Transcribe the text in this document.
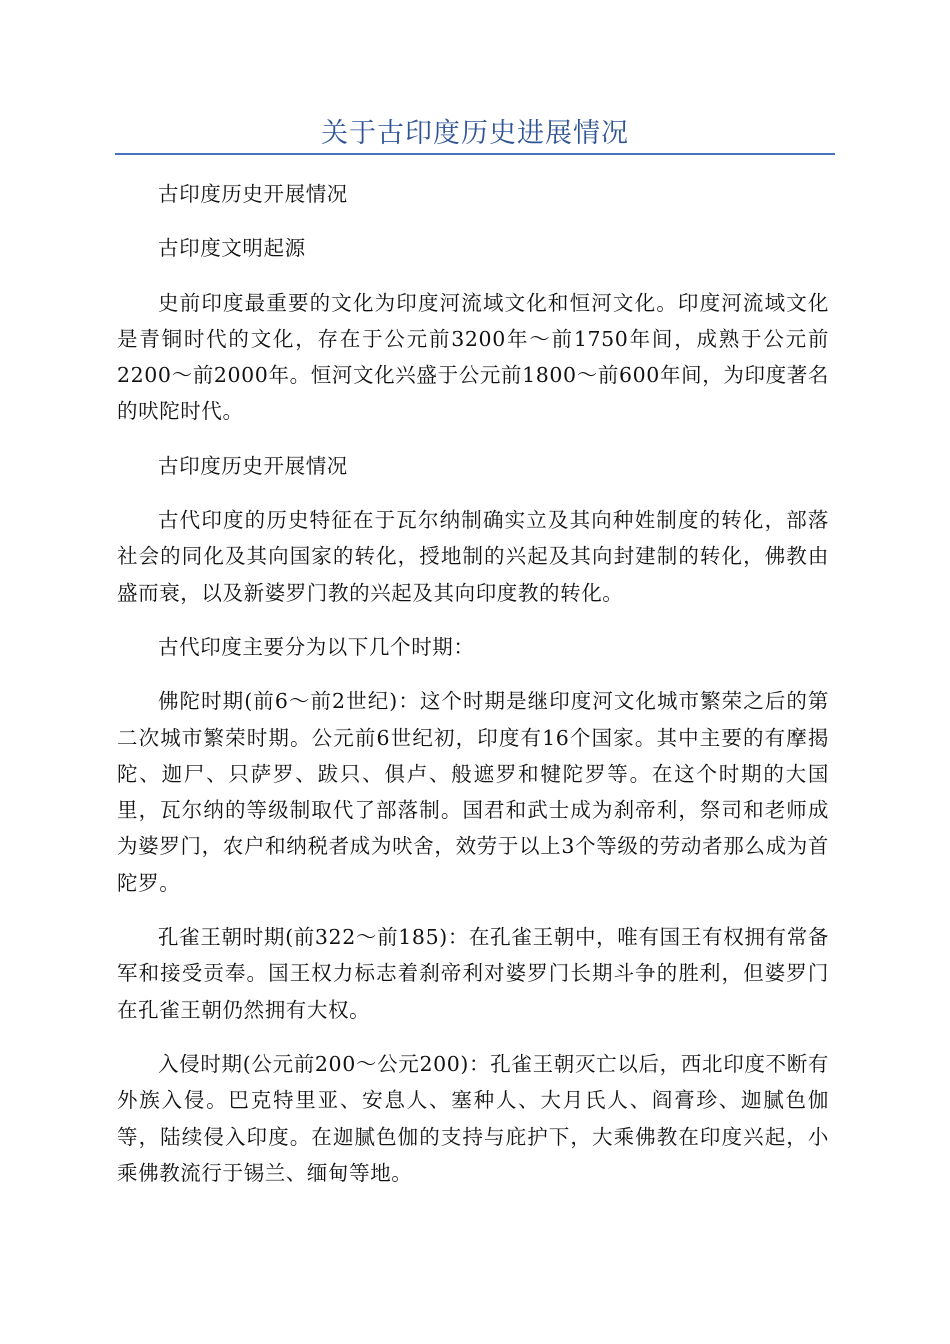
关于古印度历史进展情况

古印度历史开展情况

古印度文明起源

史前印度最重要的文化为印度河流域文化和恒河文化。印度河流域文化是青铜时代的文化，存在于公元前3200年～前1750年间，成熟于公元前2200～前2000年。恒河文化兴盛于公元前1800～前600年间，为印度著名的吠陀时代。

古印度历史开展情况

古代印度的历史特征在于瓦尔纳制确实立及其向种姓制度的转化，部落社会的同化及其向国家的转化，授地制的兴起及其向封建制的转化，佛教由盛而衰，以及新婆罗门教的兴起及其向印度教的转化。

古代印度主要分为以下几个时期：

佛陀时期(前6～前2世纪)：这个时期是继印度河文化城市繁荣之后的第二次城市繁荣时期。公元前6世纪初，印度有16个国家。其中主要的有摩揭陀、迦尸、只萨罗、跋只、俱卢、般遮罗和犍陀罗等。在这个时期的大国里，瓦尔纳的等级制取代了部落制。国君和武士成为刹帝利，祭司和老师成为婆罗门，农户和纳税者成为吠舍，效劳于以上3个等级的劳动者那么成为首陀罗。

孔雀王朝时期(前322～前185)：在孔雀王朝中，唯有国王有权拥有常备军和接受贡奉。国王权力标志着刹帝利对婆罗门长期斗争的胜利，但婆罗门在孔雀王朝仍然拥有大权。

入侵时期(公元前200～公元200)：孔雀王朝灭亡以后，西北印度不断有外族入侵。巴克特里亚、安息人、塞种人、大月氏人、阎膏珍、迦腻色伽等，陆续侵入印度。在迦腻色伽的支持与庇护下，大乘佛教在印度兴起，小乘佛教流行于锡兰、缅甸等地。
